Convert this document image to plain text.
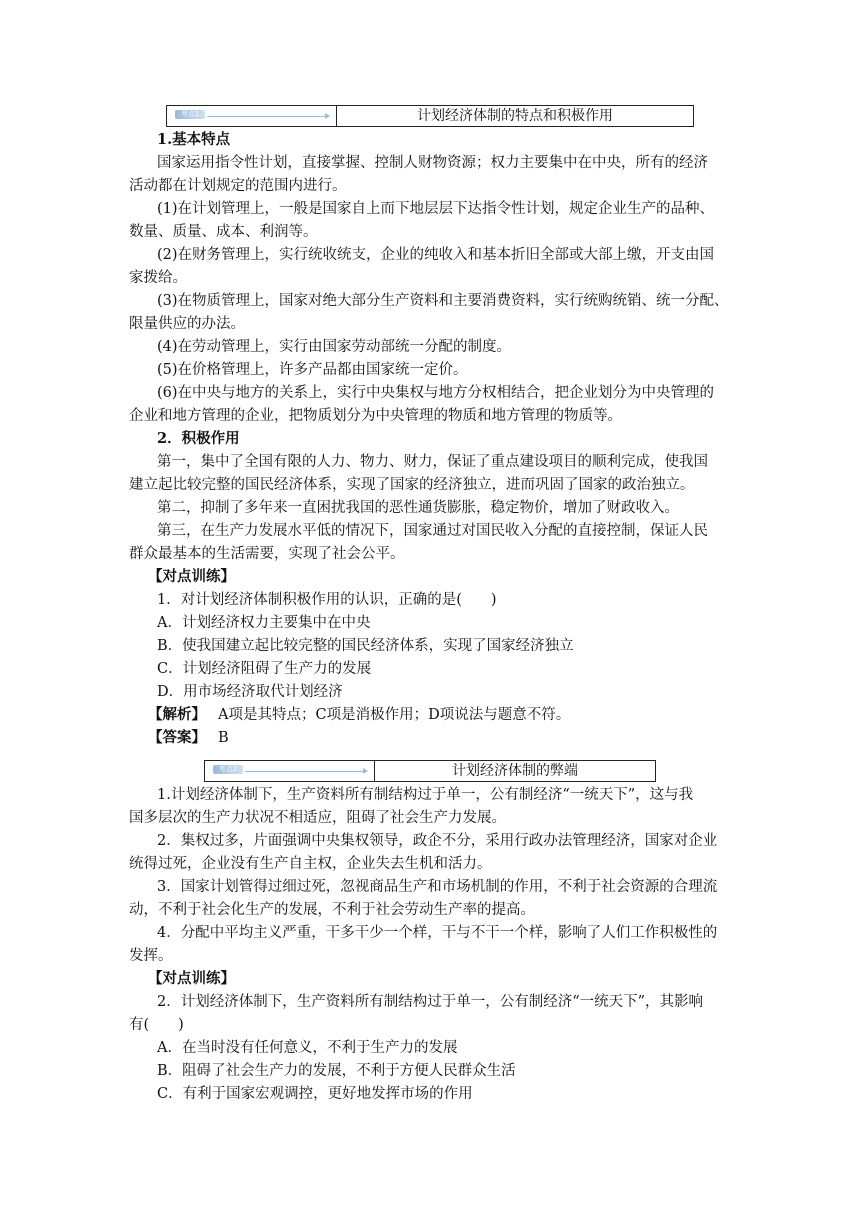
考点1	计划经济体制的特点和积极作用
1.基本特点
国家运用指令性计划，直接掌握、控制人财物资源；权力主要集中在中央，所有的经济
活动都在计划规定的范围内进行。
(1)在计划管理上，一般是国家自上而下地层层下达指令性计划，规定企业生产的品种、
数量、质量、成本、利润等。
(2)在财务管理上，实行统收统支，企业的纯收入和基本折旧全部或大部上缴，开支由国
家拨给。
(3)在物质管理上，国家对绝大部分生产资料和主要消费资料，实行统购统销、统一分配、
限量供应的办法。
(4)在劳动管理上，实行由国家劳动部统一分配的制度。
(5)在价格管理上，许多产品都由国家统一定价。
(6)在中央与地方的关系上，实行中央集权与地方分权相结合，把企业划分为中央管理的
企业和地方管理的企业，把物质划分为中央管理的物质和地方管理的物质等。
2．积极作用
第一，集中了全国有限的人力、物力、财力，保证了重点建设项目的顺利完成，使我国
建立起比较完整的国民经济体系，实现了国家的经济独立，进而巩固了国家的政治独立。
第二，抑制了多年来一直困扰我国的恶性通货膨胀，稳定物价，增加了财政收入。
第三，在生产力发展水平低的情况下，国家通过对国民收入分配的直接控制，保证人民
群众最基本的生活需要，实现了社会公平。
【对点训练】
1．对计划经济体制积极作用的认识，正确的是(　　)
A．计划经济权力主要集中在中央
B．使我国建立起比较完整的国民经济体系，实现了国家经济独立
C．计划经济阻碍了生产力的发展
D．用市场经济取代计划经济
【解析】 A项是其特点；C项是消极作用；D项说法与题意不符。
【答案】 B
考点2	计划经济体制的弊端
1.计划经济体制下，生产资料所有制结构过于单一，公有制经济“一统天下”，这与我
国多层次的生产力状况不相适应，阻碍了社会生产力发展。
2．集权过多，片面强调中央集权领导，政企不分，采用行政办法管理经济，国家对企业
统得过死，企业没有生产自主权，企业失去生机和活力。
3．国家计划管得过细过死，忽视商品生产和市场机制的作用，不利于社会资源的合理流
动，不利于社会化生产的发展，不利于社会劳动生产率的提高。
4．分配中平均主义严重，干多干少一个样，干与不干一个样，影响了人们工作积极性的
发挥。
【对点训练】
2．计划经济体制下，生产资料所有制结构过于单一，公有制经济“一统天下”，其影响
有(　　)
A．在当时没有任何意义，不利于生产力的发展
B．阻碍了社会生产力的发展，不利于方便人民群众生活
C．有利于国家宏观调控，更好地发挥市场的作用
